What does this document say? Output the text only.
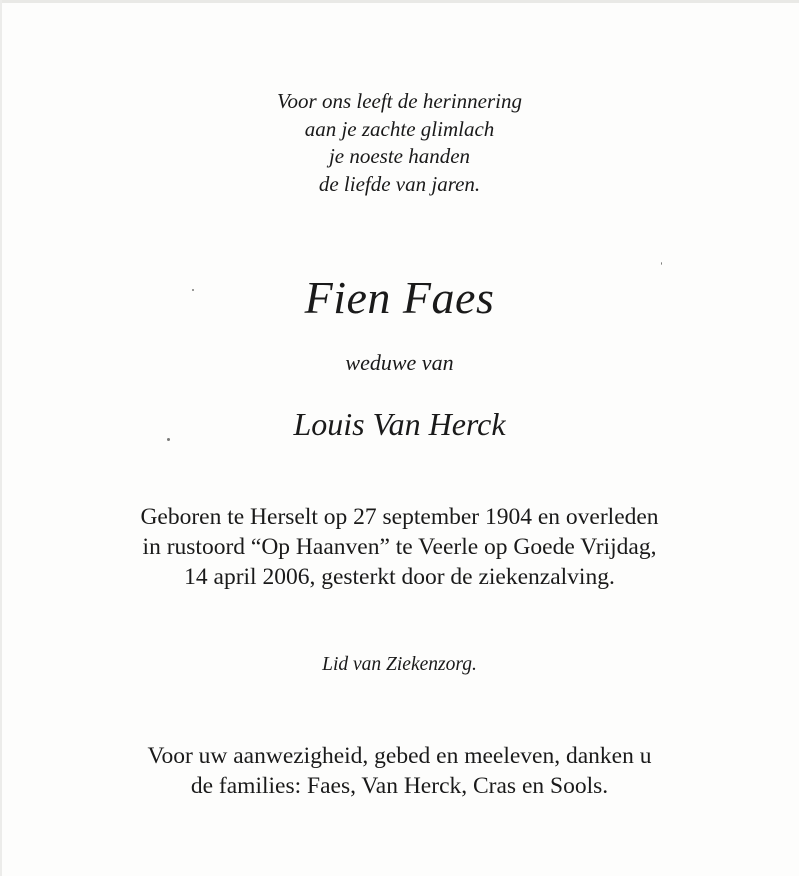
Voor ons leeft de herinnering
aan je zachte glimlach
je noeste handen
de liefde van jaren.
Fien Faes
weduwe van
Louis Van Herck
Geboren te Herselt op 27 september 1904 en overleden
in rustoord “Op Haanven” te Veerle op Goede Vrijdag,
14 april 2006, gesterkt door de ziekenzalving.
Lid van Ziekenzorg.
Voor uw aanwezigheid, gebed en meeleven, danken u
de families: Faes, Van Herck, Cras en Sools.
